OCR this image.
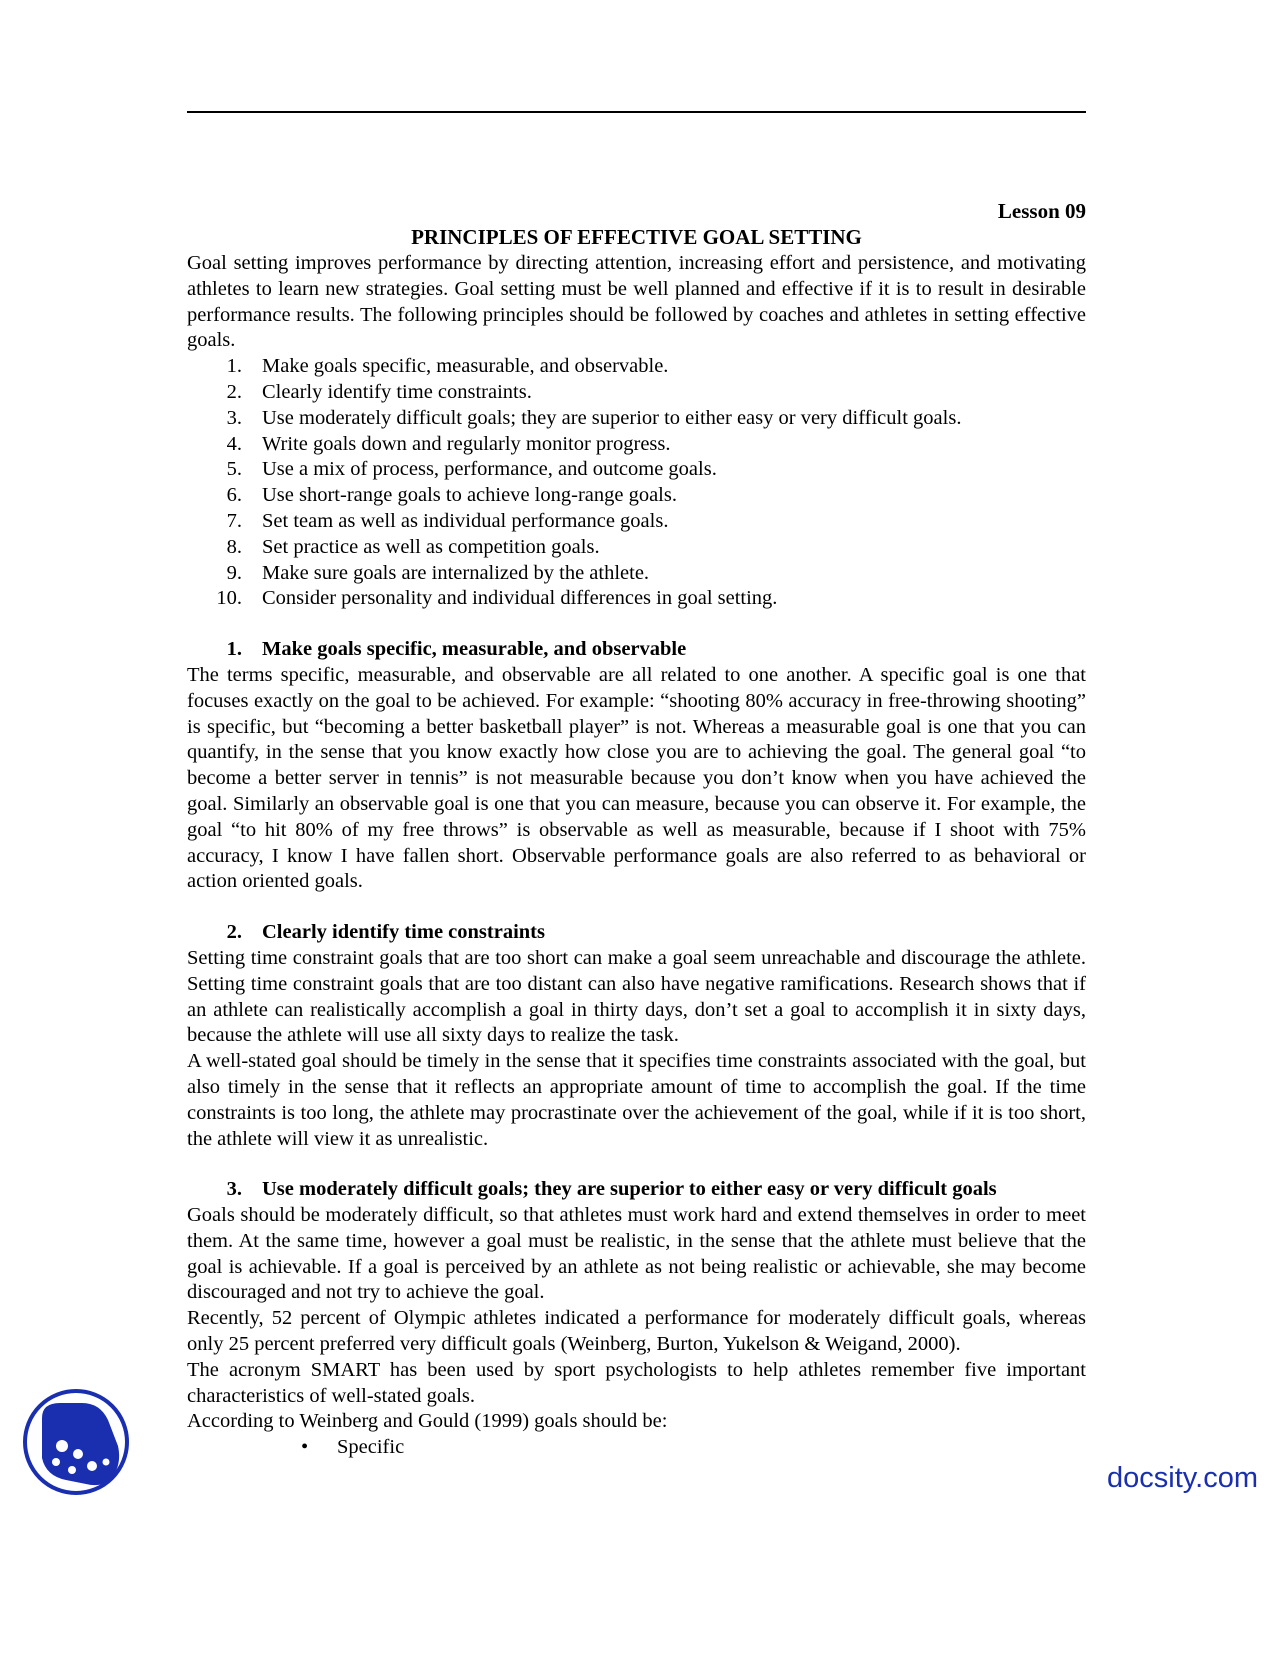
Lesson 09
PRINCIPLES OF EFFECTIVE GOAL SETTING

Goal setting improves performance by directing attention, increasing effort and persistence, and motivating athletes to learn new strategies. Goal setting must be well planned and effective if it is to result in desirable performance results. The following principles should be followed by coaches and athletes in setting effective goals.

1. Make goals specific, measurable, and observable.
2. Clearly identify time constraints.
3. Use moderately difficult goals; they are superior to either easy or very difficult goals.
4. Write goals down and regularly monitor progress.
5. Use a mix of process, performance, and outcome goals.
6. Use short-range goals to achieve long-range goals.
7. Set team as well as individual performance goals.
8. Set practice as well as competition goals.
9. Make sure goals are internalized by the athlete.
10. Consider personality and individual differences in goal setting.
1. Make goals specific, measurable, and observable

The terms specific, measurable, and observable are all related to one another. A specific goal is one that focuses exactly on the goal to be achieved. For example: “shooting 80% accuracy in free-throwing shooting” is specific, but “becoming a better basketball player” is not. Whereas a measurable goal is one that you can quantify, in the sense that you know exactly how close you are to achieving the goal. The general goal “to become a better server in tennis” is not measurable because you don’t know when you have achieved the goal. Similarly an observable goal is one that you can measure, because you can observe it. For example, the goal “to hit 80% of my free throws” is observable as well as measurable, because if I shoot with 75% accuracy, I know I have fallen short. Observable performance goals are also referred to as behavioral or action oriented goals.

2. Clearly identify time constraints

Setting time constraint goals that are too short can make a goal seem unreachable and discourage the athlete. Setting time constraint goals that are too distant can also have negative ramifications. Research shows that if an athlete can realistically accomplish a goal in thirty days, don’t set a goal to accomplish it in sixty days, because the athlete will use all sixty days to realize the task.

A well-stated goal should be timely in the sense that it specifies time constraints associated with the goal, but also timely in the sense that it reflects an appropriate amount of time to accomplish the goal. If the time constraints is too long, the athlete may procrastinate over the achievement of the goal, while if it is too short, the athlete will view it as unrealistic.

3. Use moderately difficult goals; they are superior to either easy or very difficult goals

Goals should be moderately difficult, so that athletes must work hard and extend themselves in order to meet them. At the same time, however a goal must be realistic, in the sense that the athlete must believe that the goal is achievable. If a goal is perceived by an athlete as not being realistic or achievable, she may become discouraged and not try to achieve the goal.

Recently, 52 percent of Olympic athletes indicated a performance for moderately difficult goals, whereas only 25 percent preferred very difficult goals (Weinberg, Burton, Yukelson & Weigand, 2000).

The acronym SMART has been used by sport psychologists to help athletes remember five important characteristics of well-stated goals.

According to Weinberg and Gould (1999) goals should be:

• Specific
docsity.com
